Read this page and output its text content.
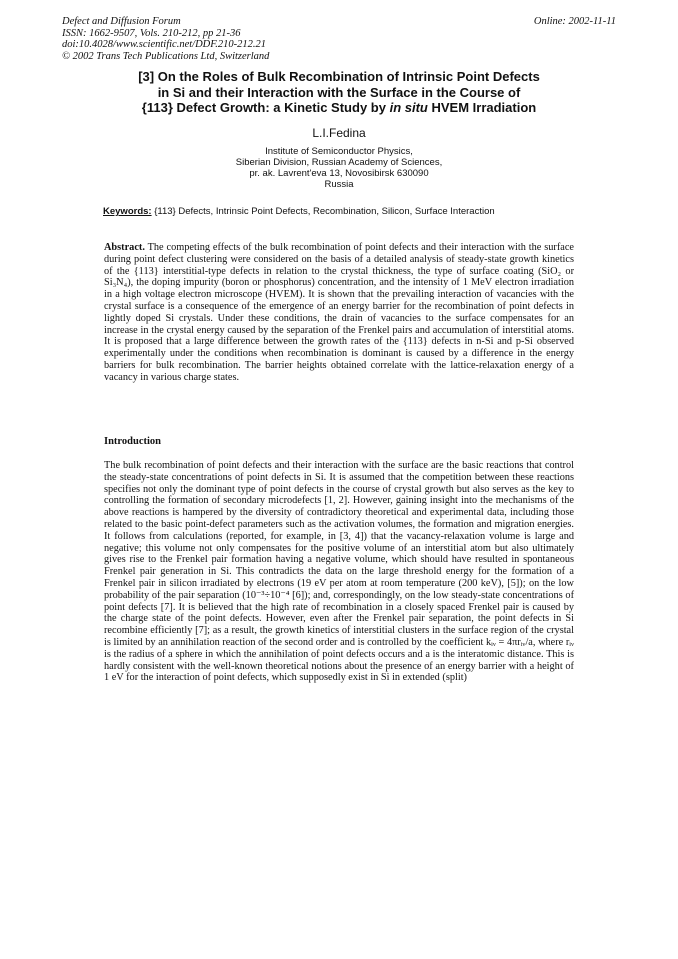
Defect and Diffusion Forum
ISSN: 1662-9507, Vols. 210-212, pp 21-36
doi:10.4028/www.scientific.net/DDF.210-212.21
© 2002 Trans Tech Publications Ltd, Switzerland
Online: 2002-11-11
[3] On the Roles of Bulk Recombination of Intrinsic Point Defects
in Si and their Interaction with the Surface in the Course of
{113} Defect Growth: a Kinetic Study by in situ HVEM Irradiation
L.I.Fedina
Institute of Semiconductor Physics,
Siberian Division, Russian Academy of Sciences,
pr. ak. Lavrent'eva 13, Novosibirsk 630090
Russia
Keywords: {113} Defects, Intrinsic Point Defects, Recombination, Silicon, Surface Interaction
Abstract. The competing effects of the bulk recombination of point defects and their interaction with the surface during point defect clustering were considered on the basis of a detailed analysis of steady-state growth kinetics of the {113} interstitial-type defects in relation to the crystal thickness, the type of surface coating (SiO₂ or Si₃N₄), the doping impurity (boron or phosphorus) concentration, and the intensity of 1 MeV electron irradiation in a high voltage electron microscope (HVEM). It is shown that the prevailing interaction of vacancies with the crystal surface is a consequence of the emergence of an energy barrier for the recombination of point defects in lightly doped Si crystals. Under these conditions, the drain of vacancies to the surface compensates for an increase in the crystal energy caused by the separation of the Frenkel pairs and accumulation of interstitial atoms. It is proposed that a large difference between the growth rates of the {113} defects in n-Si and p-Si observed experimentally under the conditions when recombination is dominant is caused by a difference in the energy barriers for bulk recombination. The barrier heights obtained correlate with the lattice-relaxation energy of a vacancy in various charge states.
Introduction
The bulk recombination of point defects and their interaction with the surface are the basic reactions that control the steady-state concentrations of point defects in Si. It is assumed that the competition between these reactions specifies not only the dominant type of point defects in the course of crystal growth but also serves as the key to controlling the formation of secondary microdefects [1, 2]. However, gaining insight into the mechanisms of the above reactions is hampered by the diversity of contradictory theoretical and experimental data, including those related to the basic point-defect parameters such as the activation volumes, the formation and migration energies. It follows from calculations (reported, for example, in [3, 4]) that the vacancy-relaxation volume is large and negative; this volume not only compensates for the positive volume of an interstitial atom but also ultimately gives rise to the Frenkel pair formation having a negative volume, which should have resulted in spontaneous Frenkel pair generation in Si. This contradicts the data on the large threshold energy for the formation of a Frenkel pair in silicon irradiated by electrons (19 eV per atom at room temperature (200 keV), [5]); on the low probability of the pair separation (10⁻³÷10⁻⁴ [6]); and, correspondingly, on the low steady-state concentrations of point defects [7]. It is believed that the high rate of recombination in a closely spaced Frenkel pair is caused by the charge state of the point defects. However, even after the Frenkel pair separation, the point defects in Si recombine efficiently [7]; as a result, the growth kinetics of interstitial clusters in the surface region of the crystal is limited by an annihilation reaction of the second order and is controlled by the coefficient kᵢᵥ = 4πrᵢᵥ/a, where rᵢᵥ is the radius of a sphere in which the annihilation of point defects occurs and a is the interatomic distance. This is hardly consistent with the well-known theoretical notions about the presence of an energy barrier with a height of 1 eV for the interaction of point defects, which supposedly exist in Si in extended (split)
